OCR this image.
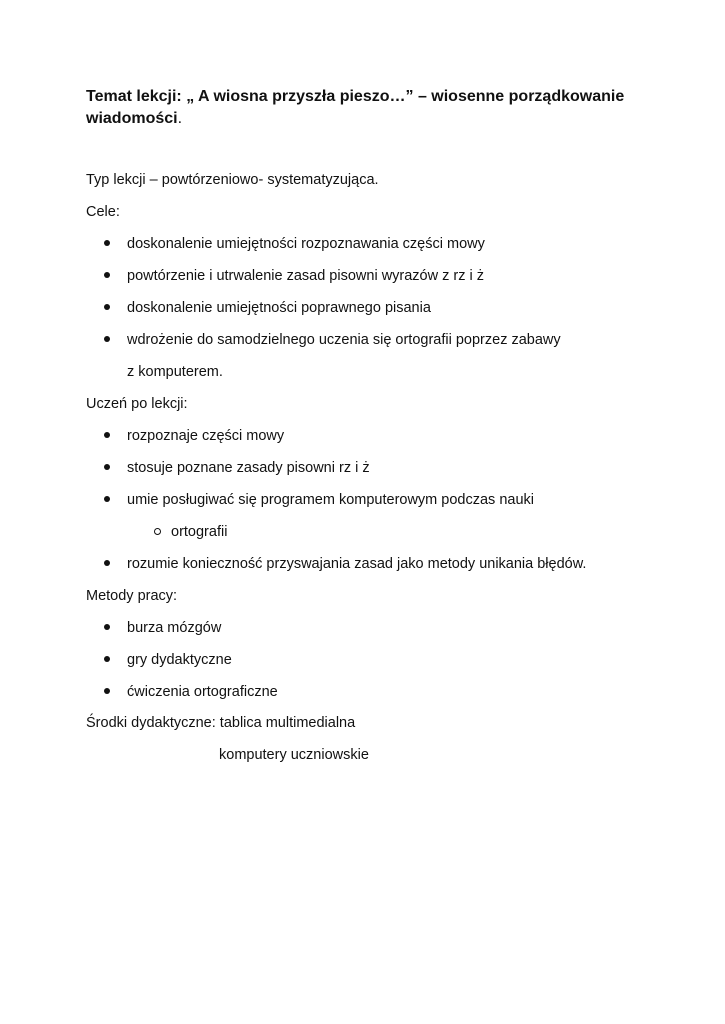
Temat lekcji: „ A wiosna przyszła pieszo…” – wiosenne porządkowanie wiadomości.

Typ lekcji – powtórzeniowo- systematyzująca.
Cele:
doskonalenie umiejętności rozpoznawania części mowy
powtórzenie i utrwalenie zasad pisowni wyrazów z rz i ż
doskonalenie umiejętności poprawnego pisania
wdrożenie do samodzielnego uczenia się ortografii poprzez zabawy
z komputerem.
Uczeń po lekcji:
rozpoznaje części mowy
stosuje poznane zasady pisowni rz i ż
umie posługiwać się programem komputerowym podczas nauki
ortografii
rozumie konieczność przyswajania zasad jako metody unikania błędów.
Metody pracy:
burza mózgów
gry dydaktyczne
ćwiczenia ortograficzne
Środki dydaktyczne: tablica multimedialna
komputery uczniowskie
